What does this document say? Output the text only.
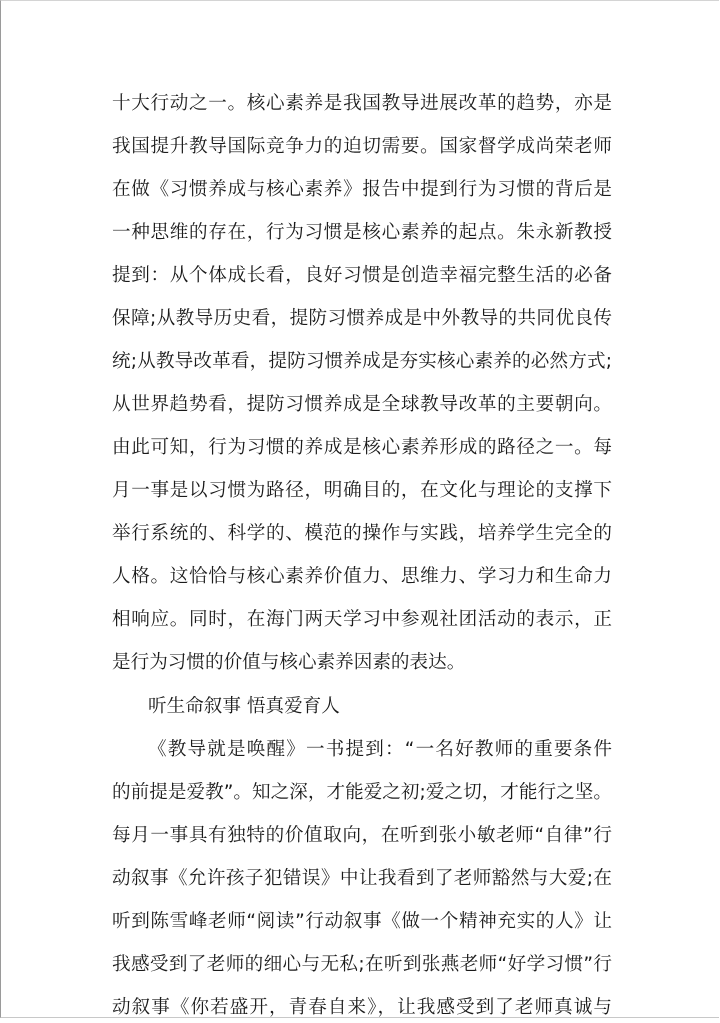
十大行动之一。核心素养是我国教导进展改革的趋势，亦是
我国提升教导国际竞争力的迫切需要。国家督学成尚荣老师
在做《习惯养成与核心素养》报告中提到行为习惯的背后是
一种思维的存在，行为习惯是核心素养的起点。朱永新教授
提到：从个体成长看，良好习惯是创造幸福完整生活的必备
保障;从教导历史看，提防习惯养成是中外教导的共同优良传
统;从教导改革看，提防习惯养成是夯实核心素养的必然方式;
从世界趋势看，提防习惯养成是全球教导改革的主要朝向。
由此可知，行为习惯的养成是核心素养形成的路径之一。每
月一事是以习惯为路径，明确目的，在文化与理论的支撑下
举行系统的、科学的、模范的操作与实践，培养学生完全的
人格。这恰恰与核心素养价值力、思维力、学习力和生命力
相响应。同时，在海门两天学习中参观社团活动的表示，正
是行为习惯的价值与核心素养因素的表达。
听生命叙事 悟真爱育人
《教导就是唤醒》一书提到：“一名好教师的重要条件
的前提是爱教”。知之深，才能爱之初;爱之切，才能行之坚。
每月一事具有独特的价值取向，在听到张小敏老师“自律”行
动叙事《允许孩子犯错误》中让我看到了老师豁然与大爱;在
听到陈雪峰老师“阅读”行动叙事《做一个精神充实的人》让
我感受到了老师的细心与无私;在听到张燕老师“好学习惯”行
动叙事《你若盛开，青春自来》，让我感受到了老师真诚与
